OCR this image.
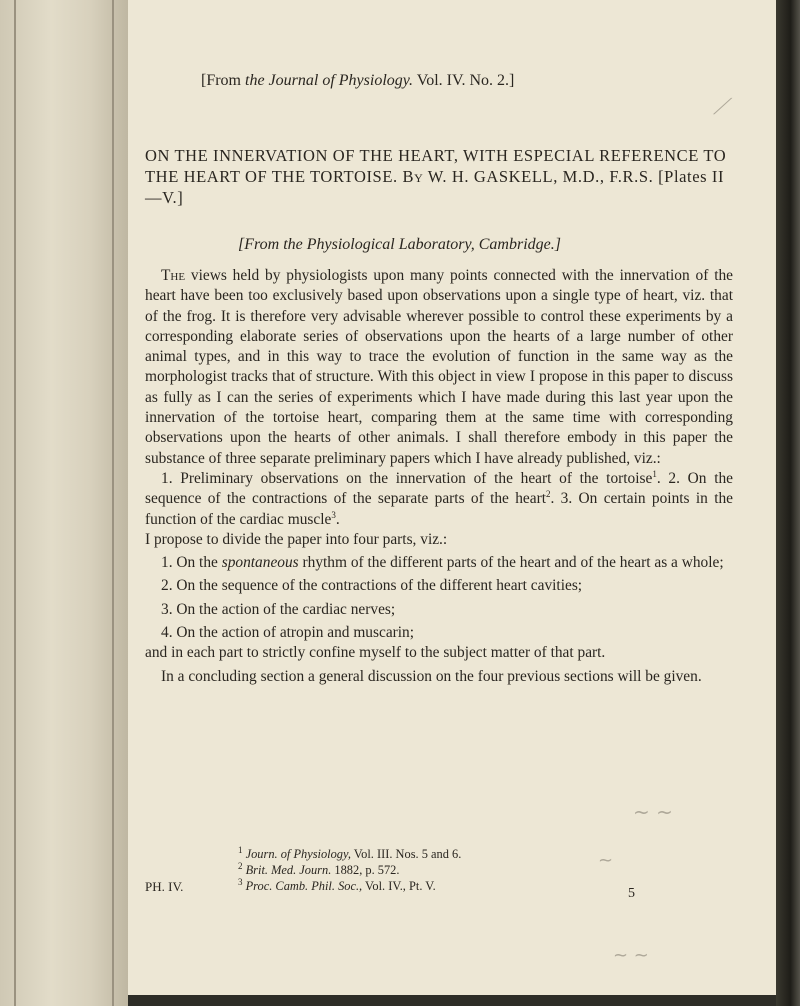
[From the Journal of Physiology. Vol. IV. No. 2.]
⟋
ON THE INNERVATION OF THE HEART, WITH ESPECIAL REFERENCE TO THE HEART OF THE TORTOISE. By W. H. GASKELL, M.D., F.R.S. [Plates II—V.]
[From the Physiological Laboratory, Cambridge.]

The views held by physiologists upon many points connected with the innervation of the heart have been too exclusively based upon observations upon a single type of heart, viz. that of the frog. It is therefore very advisable wherever possible to control these experiments by a corresponding elaborate series of observations upon the hearts of a large number of other animal types, and in this way to trace the evolution of function in the same way as the morphologist tracks that of structure. With this object in view I propose in this paper to discuss as fully as I can the series of experiments which I have made during this last year upon the innervation of the tortoise heart, comparing them at the same time with corresponding observations upon the hearts of other animals. I shall therefore embody in this paper the substance of three separate preliminary papers which I have already published, viz.:

1. Preliminary observations on the innervation of the heart of the tortoise$^1$. 2. On the sequence of the contractions of the separate parts of the heart$^2$. 3. On certain points in the function of the cardiac muscle$^3$.

I propose to divide the paper into four parts, viz.:

1. On the spontaneous rhythm of the different parts of the heart and of the heart as a whole;

2. On the sequence of the contractions of the different heart cavities;

3. On the action of the cardiac nerves;

4. On the action of atropin and muscarin;

and in each part to strictly confine myself to the subject matter of that part.

In a concluding section a general discussion on the four previous sections will be given.

$^1$ Journ. of Physiology, Vol. III. Nos. 5 and 6.
$^2$ Brit. Med. Journ. 1882, p. 572.
$^3$ Proc. Camb. Phil. Soc., Vol. IV., Pt. V.
PH. IV.	5
~ ~
~
~ ~
